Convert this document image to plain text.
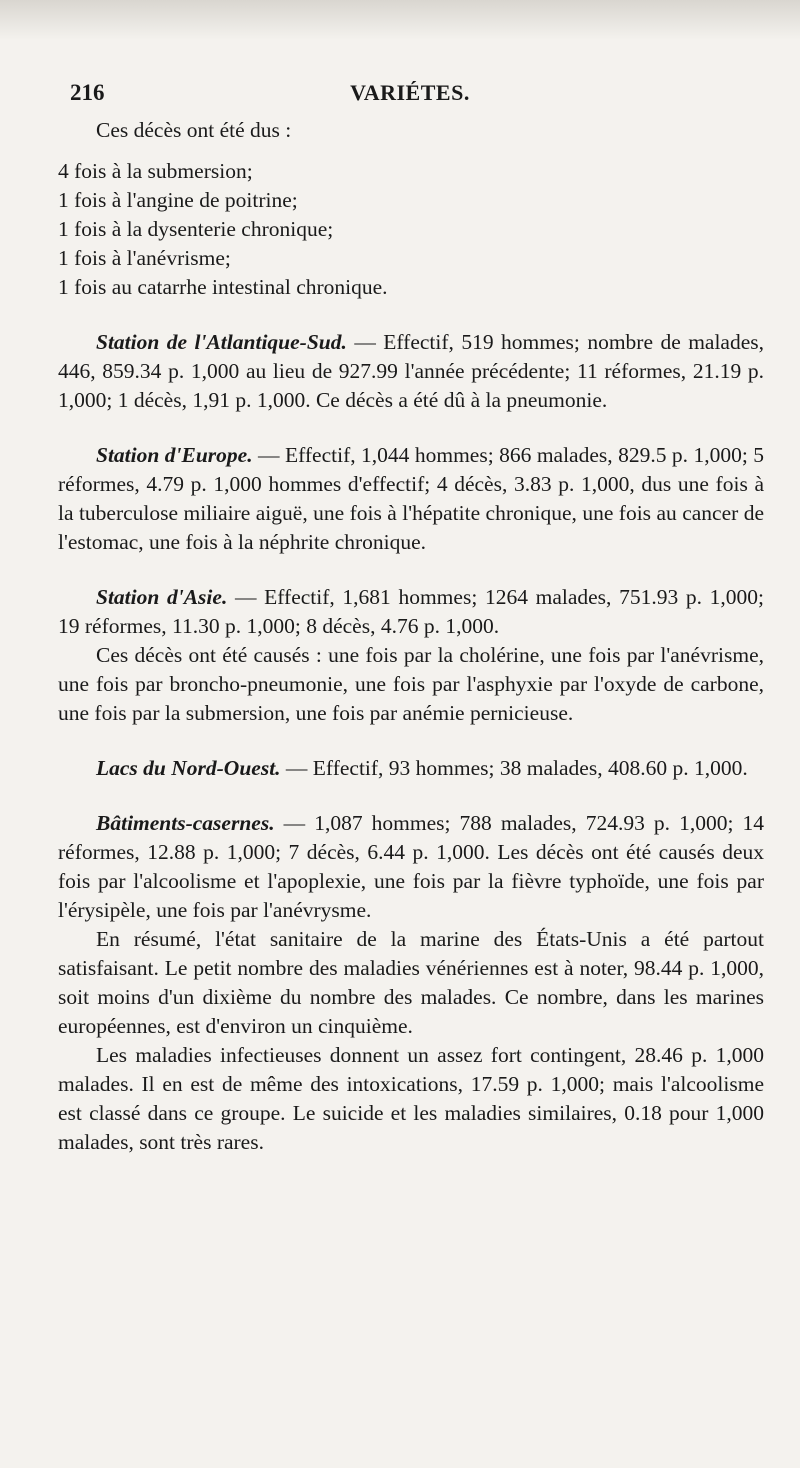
216	VARIÉTES.

Ces décès ont été dus :

4 fois à la submersion;
1 fois à l'angine de poitrine;
1 fois à la dysenterie chronique;
1 fois à l'anévrisme;
1 fois au catarrhe intestinal chronique.

Station de l'Atlantique-Sud. — Effectif, 519 hommes; nombre de malades, 446, 859.34 p. 1,000 au lieu de 927.99 l'année précédente; 11 réformes, 21.19 p. 1,000; 1 décès, 1,91 p. 1,000. Ce décès a été dû à la pneumonie.

Station d'Europe. — Effectif, 1,044 hommes; 866 malades, 829.5 p. 1,000; 5 réformes, 4.79 p. 1,000 hommes d'effectif; 4 décès, 3.83 p. 1,000, dus une fois à la tuberculose miliaire aiguë, une fois à l'hépatite chronique, une fois au cancer de l'estomac, une fois à la néphrite chronique.

Station d'Asie. — Effectif, 1,681 hommes; 1264 malades, 751.93 p. 1,000; 19 réformes, 11.30 p. 1,000; 8 décès, 4.76 p. 1,000.

Ces décès ont été causés : une fois par la cholérine, une fois par l'anévrisme, une fois par broncho-pneumonie, une fois par l'asphyxie par l'oxyde de carbone, une fois par la submersion, une fois par anémie pernicieuse.

Lacs du Nord-Ouest. — Effectif, 93 hommes; 38 malades, 408.60 p. 1,000.

Bâtiments-casernes. — 1,087 hommes; 788 malades, 724.93 p. 1,000; 14 réformes, 12.88 p. 1,000; 7 décès, 6.44 p. 1,000. Les décès ont été causés deux fois par l'alcoolisme et l'apoplexie, une fois par la fièvre typhoïde, une fois par l'érysipèle, une fois par l'anévrysme.

En résumé, l'état sanitaire de la marine des États-Unis a été partout satisfaisant. Le petit nombre des maladies vénériennes est à noter, 98.44 p. 1,000, soit moins d'un dixième du nombre des malades. Ce nombre, dans les marines européennes, est d'environ un cinquième.

Les maladies infectieuses donnent un assez fort contingent, 28.46 p. 1,000 malades. Il en est de même des intoxications, 17.59 p. 1,000; mais l'alcoolisme est classé dans ce groupe. Le suicide et les maladies similaires, 0.18 pour 1,000 malades, sont très rares.
